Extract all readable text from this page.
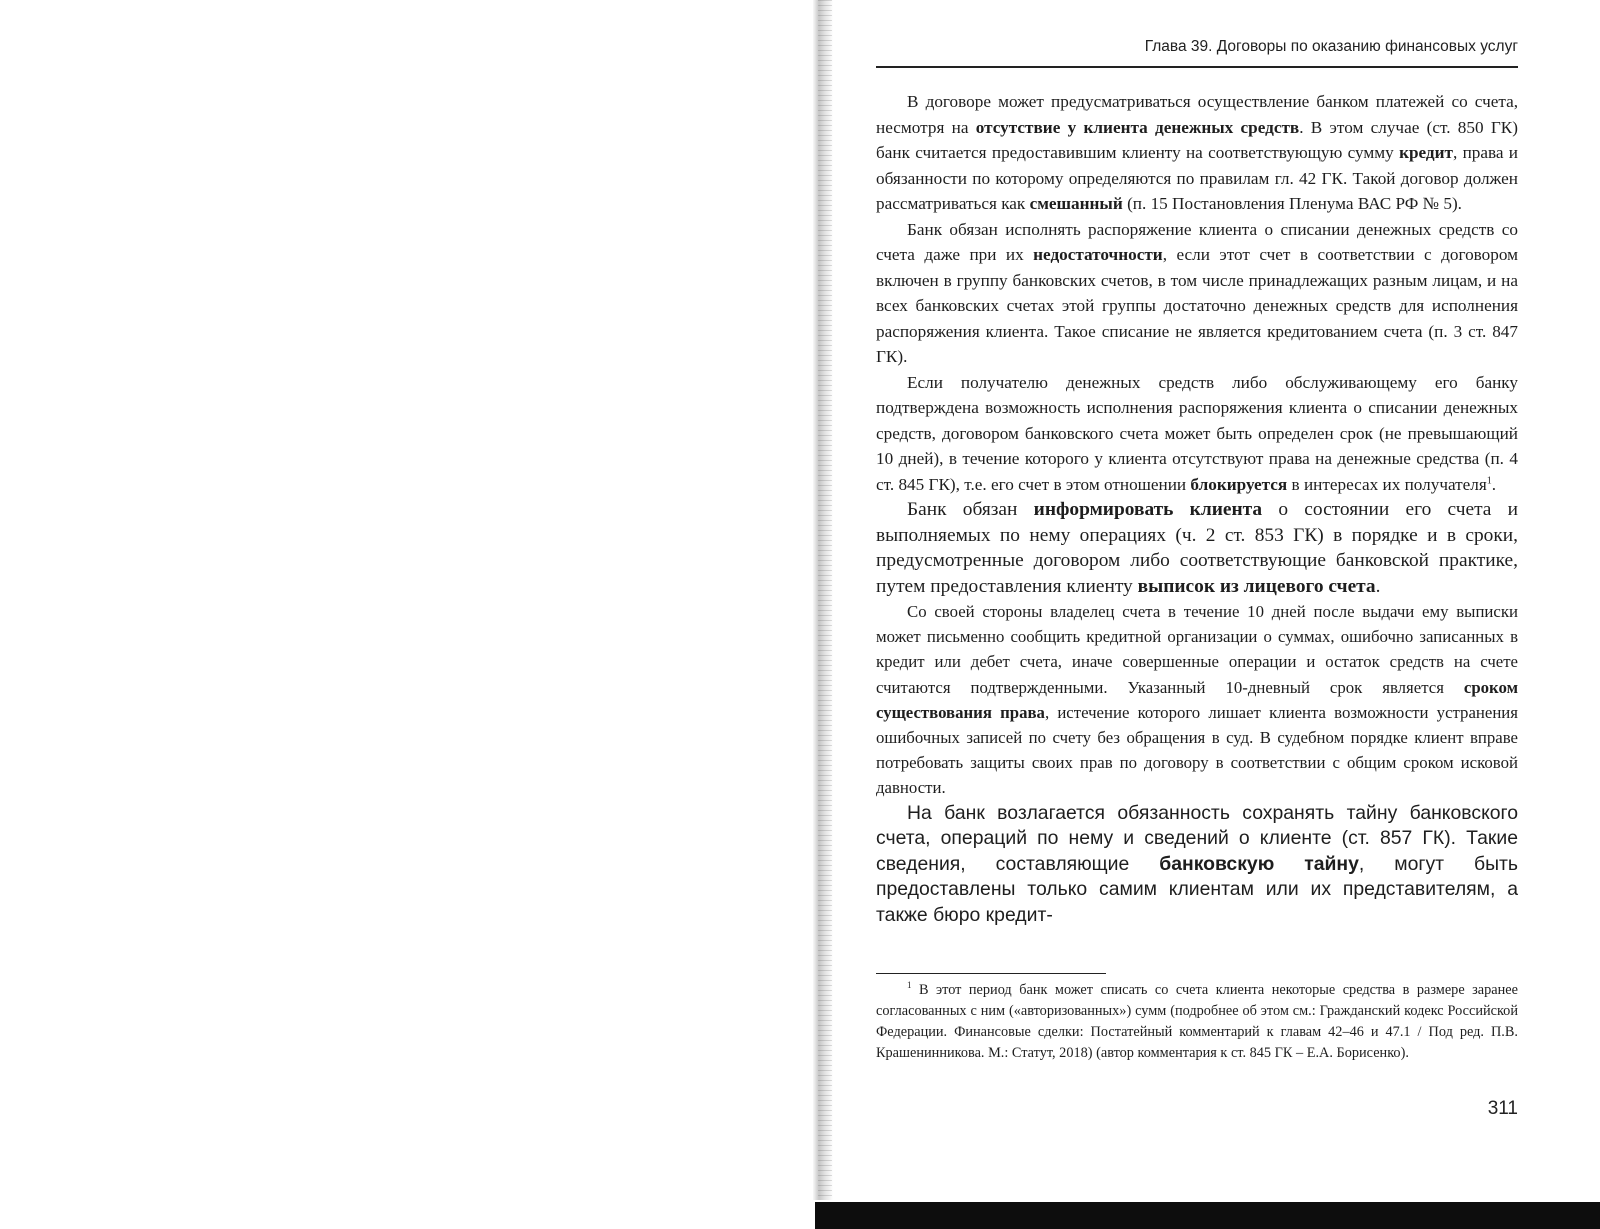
Глава 39. Договоры по оказанию финансовых услуг

В договоре может предусматриваться осуществление банком платежей со счета, несмотря на отсутствие у клиента денежных средств. В этом случае (ст. 850 ГК) банк считается предоставившим клиенту на соответствующую сумму кредит, права и обязанности по которому определяются по правилам гл. 42 ГК. Такой договор должен рассматриваться как смешанный (п. 15 Постановления Пленума ВАС РФ № 5).

Банк обязан исполнять распоряжение клиента о списании денежных средств со счета даже при их недостаточности, если этот счет в соответствии с договором включен в группу банковских счетов, в том числе принадлежащих разным лицам, и на всех банковских счетах этой группы достаточно денежных средств для исполнения распоряжения клиента. Такое списание не является кредитованием счета (п. 3 ст. 847 ГК).

Если получателю денежных средств либо обслуживающему его банку подтверждена возможность исполнения распоряжения клиента о списании денежных средств, договором банковского счета может быть определен срок (не превышающий 10 дней), в течение которого у клиента отсутствуют права на денежные средства (п. 4 ст. 845 ГК), т.е. его счет в этом отношении блокируется в интересах их получателя$^1$.

Банк обязан информировать клиента о состоянии его счета и выполняемых по нему операциях (ч. 2 ст. 853 ГК) в порядке и в сроки, предусмотренные договором либо соответствующие банковской практике, путем предоставления клиенту выписок из лицевого счета.

Со своей стороны владелец счета в течение 10 дней после выдачи ему выписки может письменно сообщить кредитной организации о суммах, ошибочно записанных в кредит или дебет счета, иначе совершенные операции и остаток средств на счете считаются подтвержденными. Указанный 10-дневный срок является сроком существования права, истечение которого лишает клиента возможности устранения ошибочных записей по счету без обращения в суд. В судебном порядке клиент вправе потребовать защиты своих прав по договору в соответствии с общим сроком исковой давности.

На банк возлагается обязанность сохранять тайну банковского счета, операций по нему и сведений о клиенте (ст. 857 ГК). Такие сведения, составляющие банковскую тайну, могут быть предоставлены только самим клиентам или их представителям, а также бюро кредит-

$^1$ В этот период банк может списать со счета клиента некоторые средства в размере заранее согласованных с ним («авторизованных») сумм (подробнее об этом см.: Гражданский кодекс Российской Федерации. Финансовые сделки: Постатейный комментарий к главам 42–46 и 47.1 / Под ред. П.В. Крашенинникова. М.: Статут, 2018) (автор комментария к ст. 845 ГК – Е.А. Борисенко).

311
